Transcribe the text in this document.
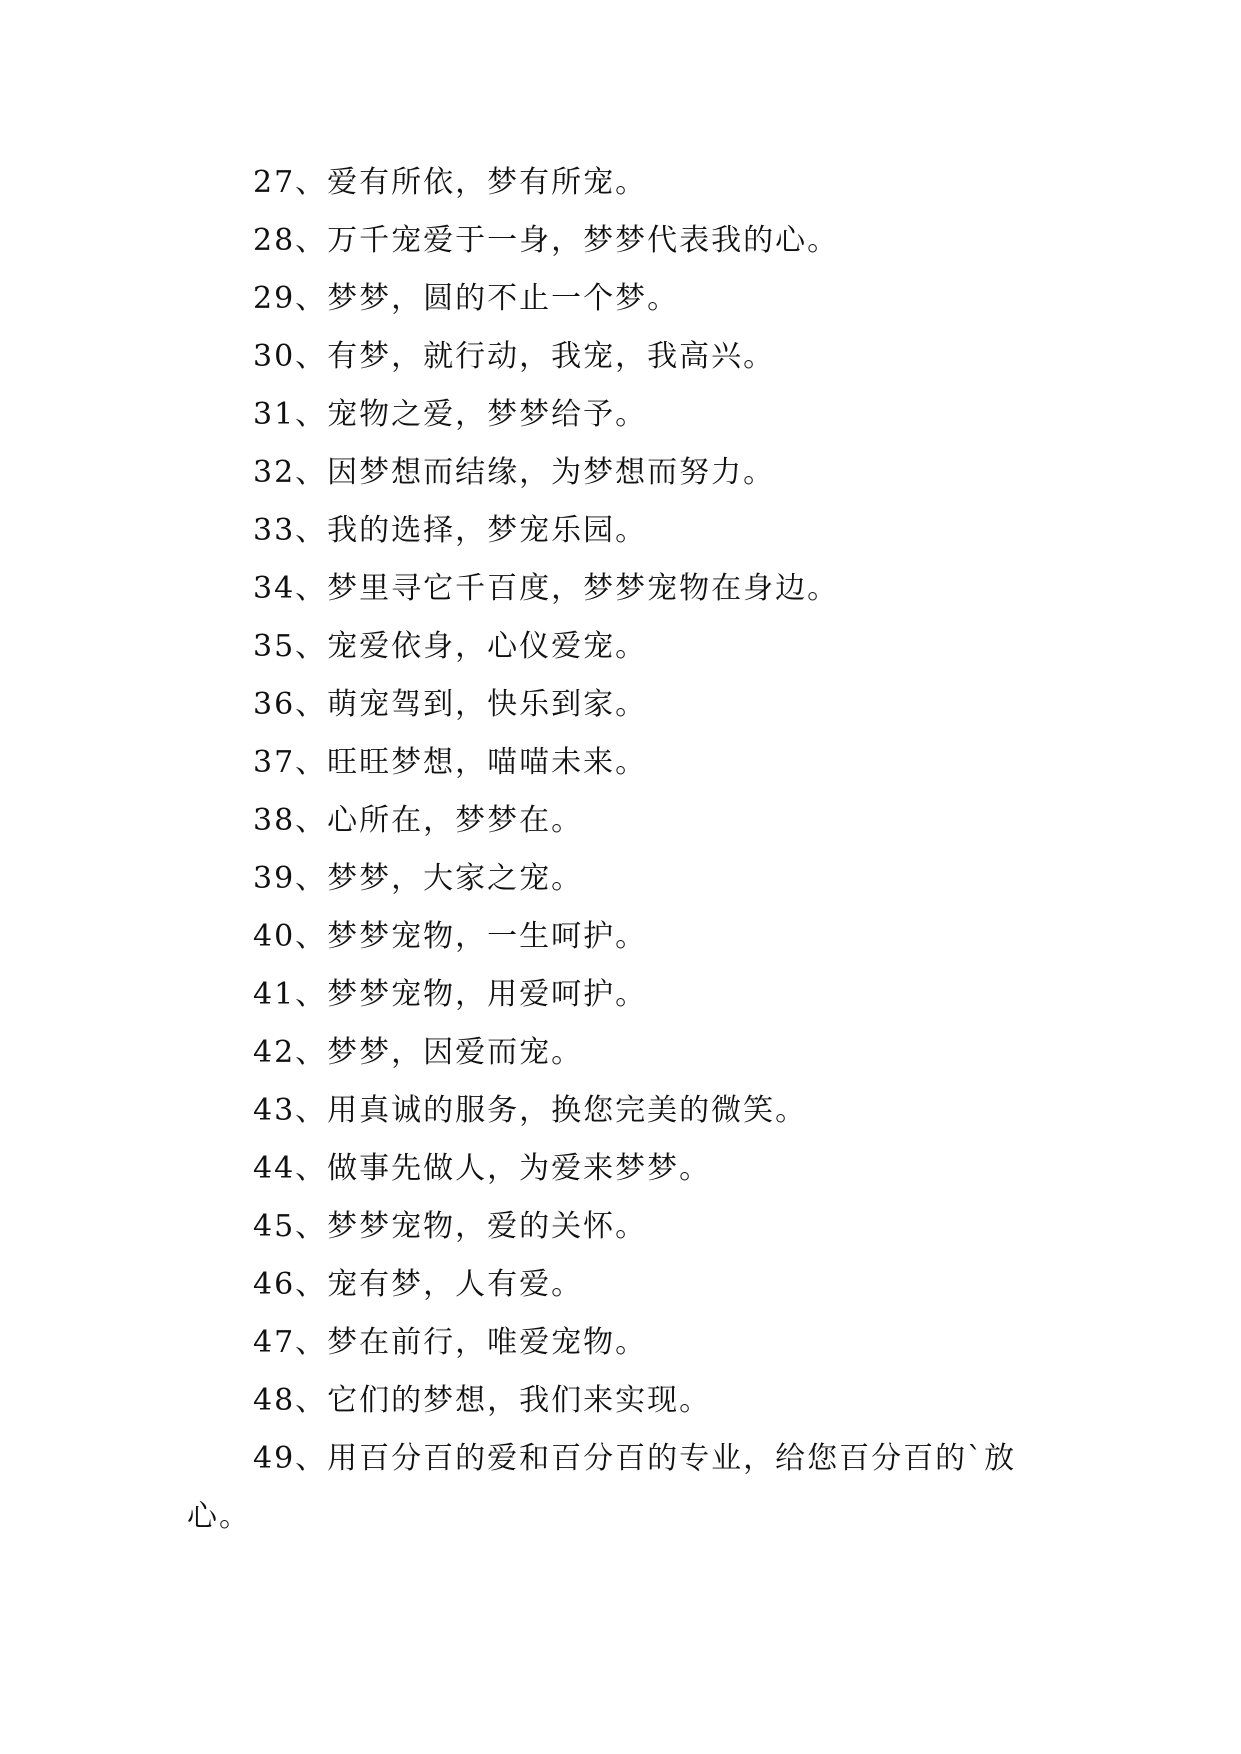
27、爱有所依，梦有所宠。
28、万千宠爱于一身，梦梦代表我的心。
29、梦梦，圆的不止一个梦。
30、有梦，就行动，我宠，我高兴。
31、宠物之爱，梦梦给予。
32、因梦想而结缘，为梦想而努力。
33、我的选择，梦宠乐园。
34、梦里寻它千百度，梦梦宠物在身边。
35、宠爱依身，心仪爱宠。
36、萌宠驾到，快乐到家。
37、旺旺梦想，喵喵未来。
38、心所在，梦梦在。
39、梦梦，大家之宠。
40、梦梦宠物，一生呵护。
41、梦梦宠物，用爱呵护。
42、梦梦，因爱而宠。
43、用真诚的服务，换您完美的微笑。
44、做事先做人，为爱来梦梦。
45、梦梦宠物，爱的关怀。
46、宠有梦，人有爱。
47、梦在前行，唯爱宠物。
48、它们的梦想，我们来实现。
49、用百分百的爱和百分百的专业，给您百分百的`放心。
